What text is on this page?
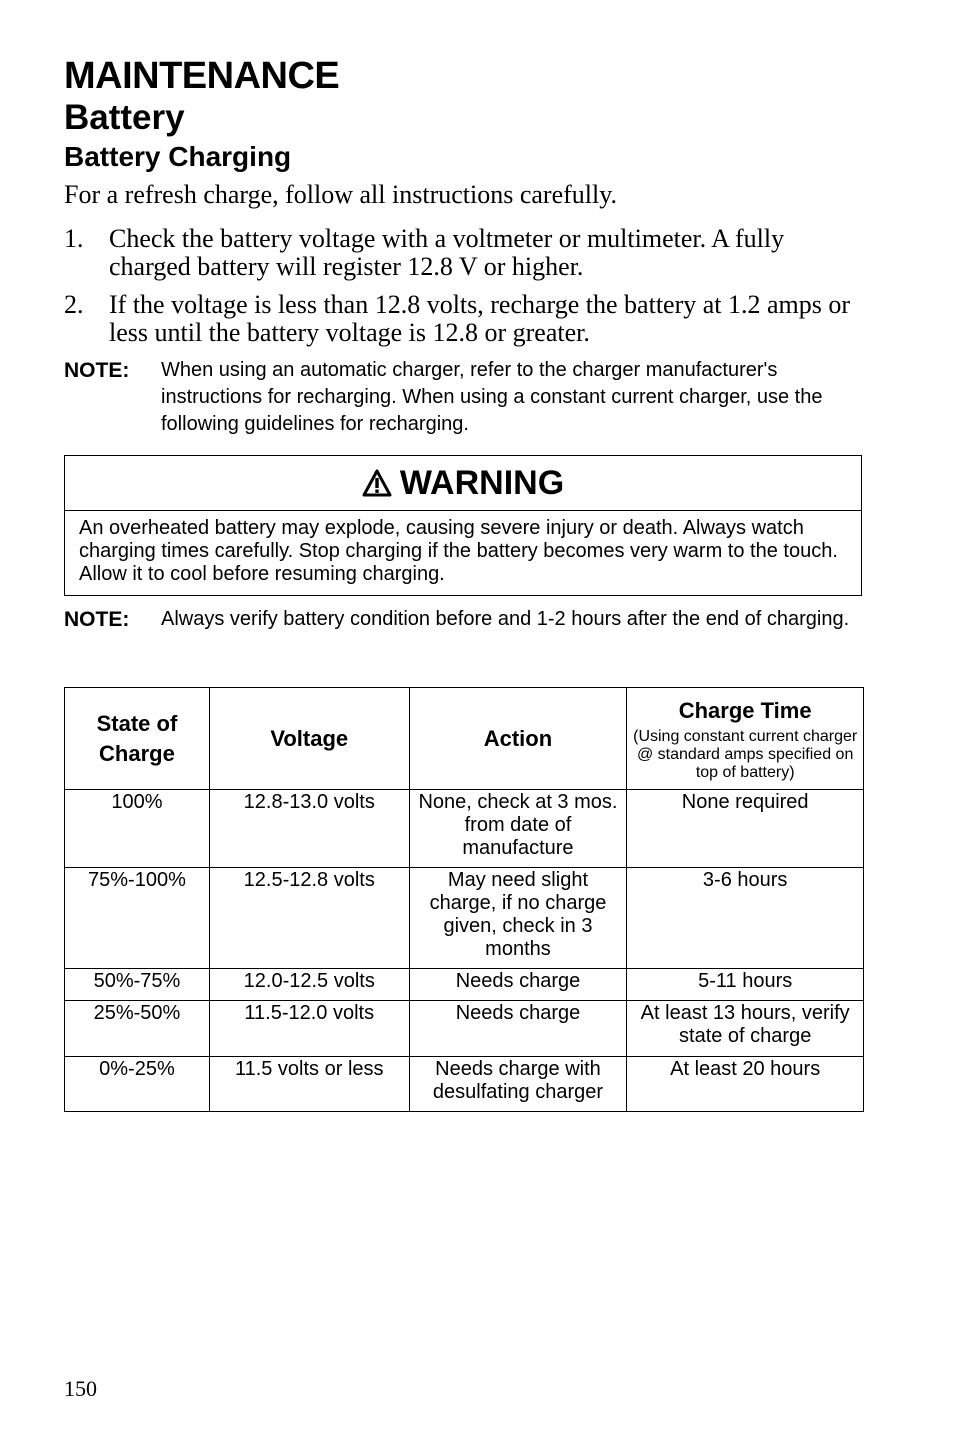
MAINTENANCE
Battery
Battery Charging

For a refresh charge, follow all instructions carefully.

1. Check the battery voltage with a voltmeter or multimeter. A fully charged battery will register 12.8 V or higher.
2. If the voltage is less than 12.8 volts, recharge the battery at 1.2 amps or less until the battery voltage is 12.8 or greater.
NOTE: When using an automatic charger, refer to the charger manufacturer's instructions for recharging. When using a constant current charger, use the following guidelines for recharging.
WARNING
An overheated battery may explode, causing severe injury or death. Always watch charging times carefully. Stop charging if the battery becomes very warm to the touch. Allow it to cool before resuming charging.
NOTE: Always verify battery condition before and 1-2 hours after the end of charging.
State of Charge	Voltage	Action	Charge Time
(Using constant current charger @ standard amps specified on top of battery)

100%	12.8-13.0 volts	None, check at 3 mos. from date of manufacture	None required
75%-100%	12.5-12.8 volts	May need slight charge, if no charge given, check in 3 months	3-6 hours
50%-75%	12.0-12.5 volts	Needs charge	5-11 hours
25%-50%	11.5-12.0 volts	Needs charge	At least 13 hours, verify state of charge
0%-25%	11.5 volts or less	Needs charge with desulfating charger	At least 20 hours
150
